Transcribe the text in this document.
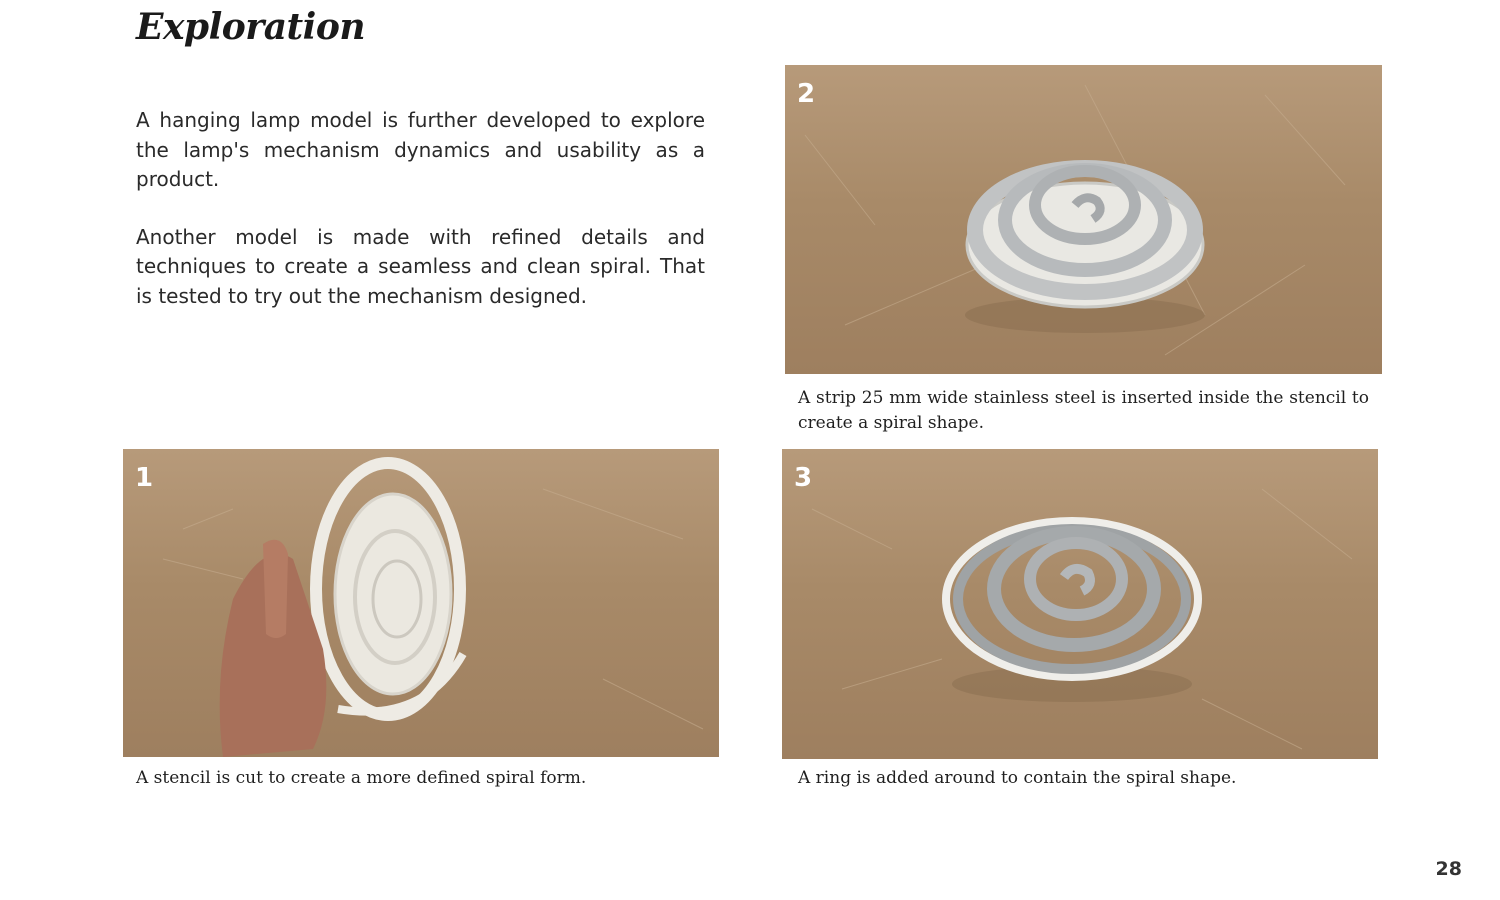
Exploration

A hanging lamp model is further developed to explore the lamp's mechanism dynamics and usability as a product.

Another model is made with refined details and techniques to create a seamless and clean spiral. That is tested to try out the mechanism designed.

2
A strip 25 mm wide stainless steel is inserted inside the stencil to create a spiral shape.
1
A stencil is cut to create a more defined spiral form.
3
A ring is added around to contain the spiral shape.
28
